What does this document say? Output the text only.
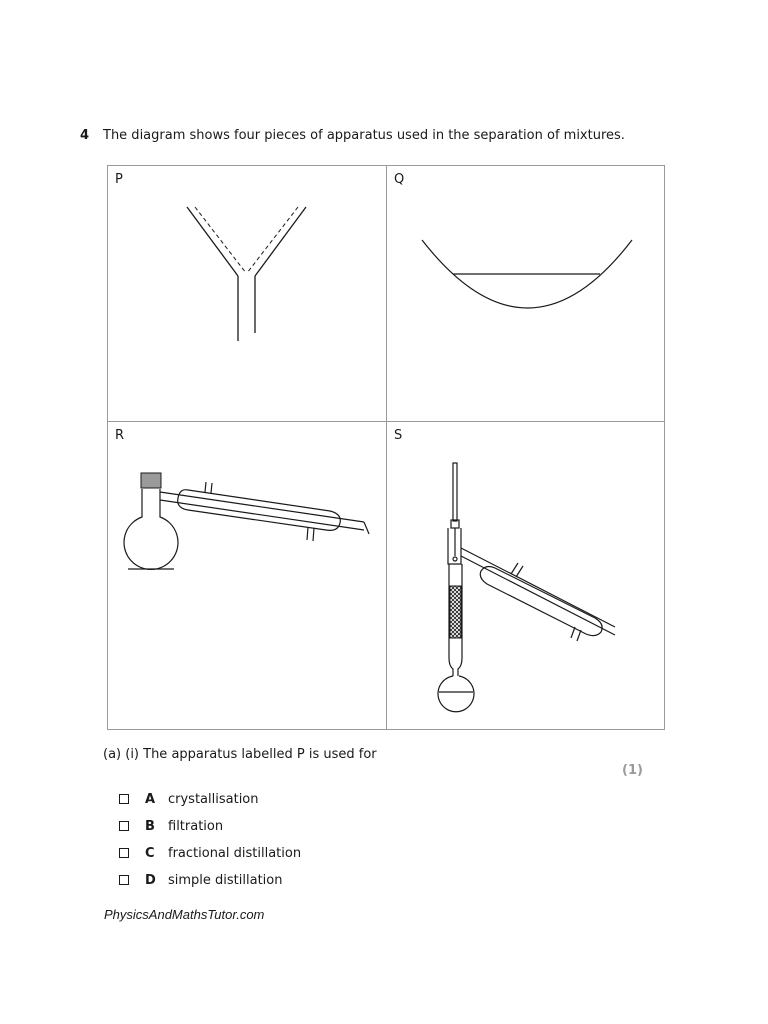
4 The diagram shows four pieces of apparatus used in the separation of mixtures.
P	Q
R	S
(a) (i) The apparatus labelled P is used for
(1)
A crystallisation
B	filtration
C	fractional distillation
D simple distillation
PhysicsAndMathsTutor.com
